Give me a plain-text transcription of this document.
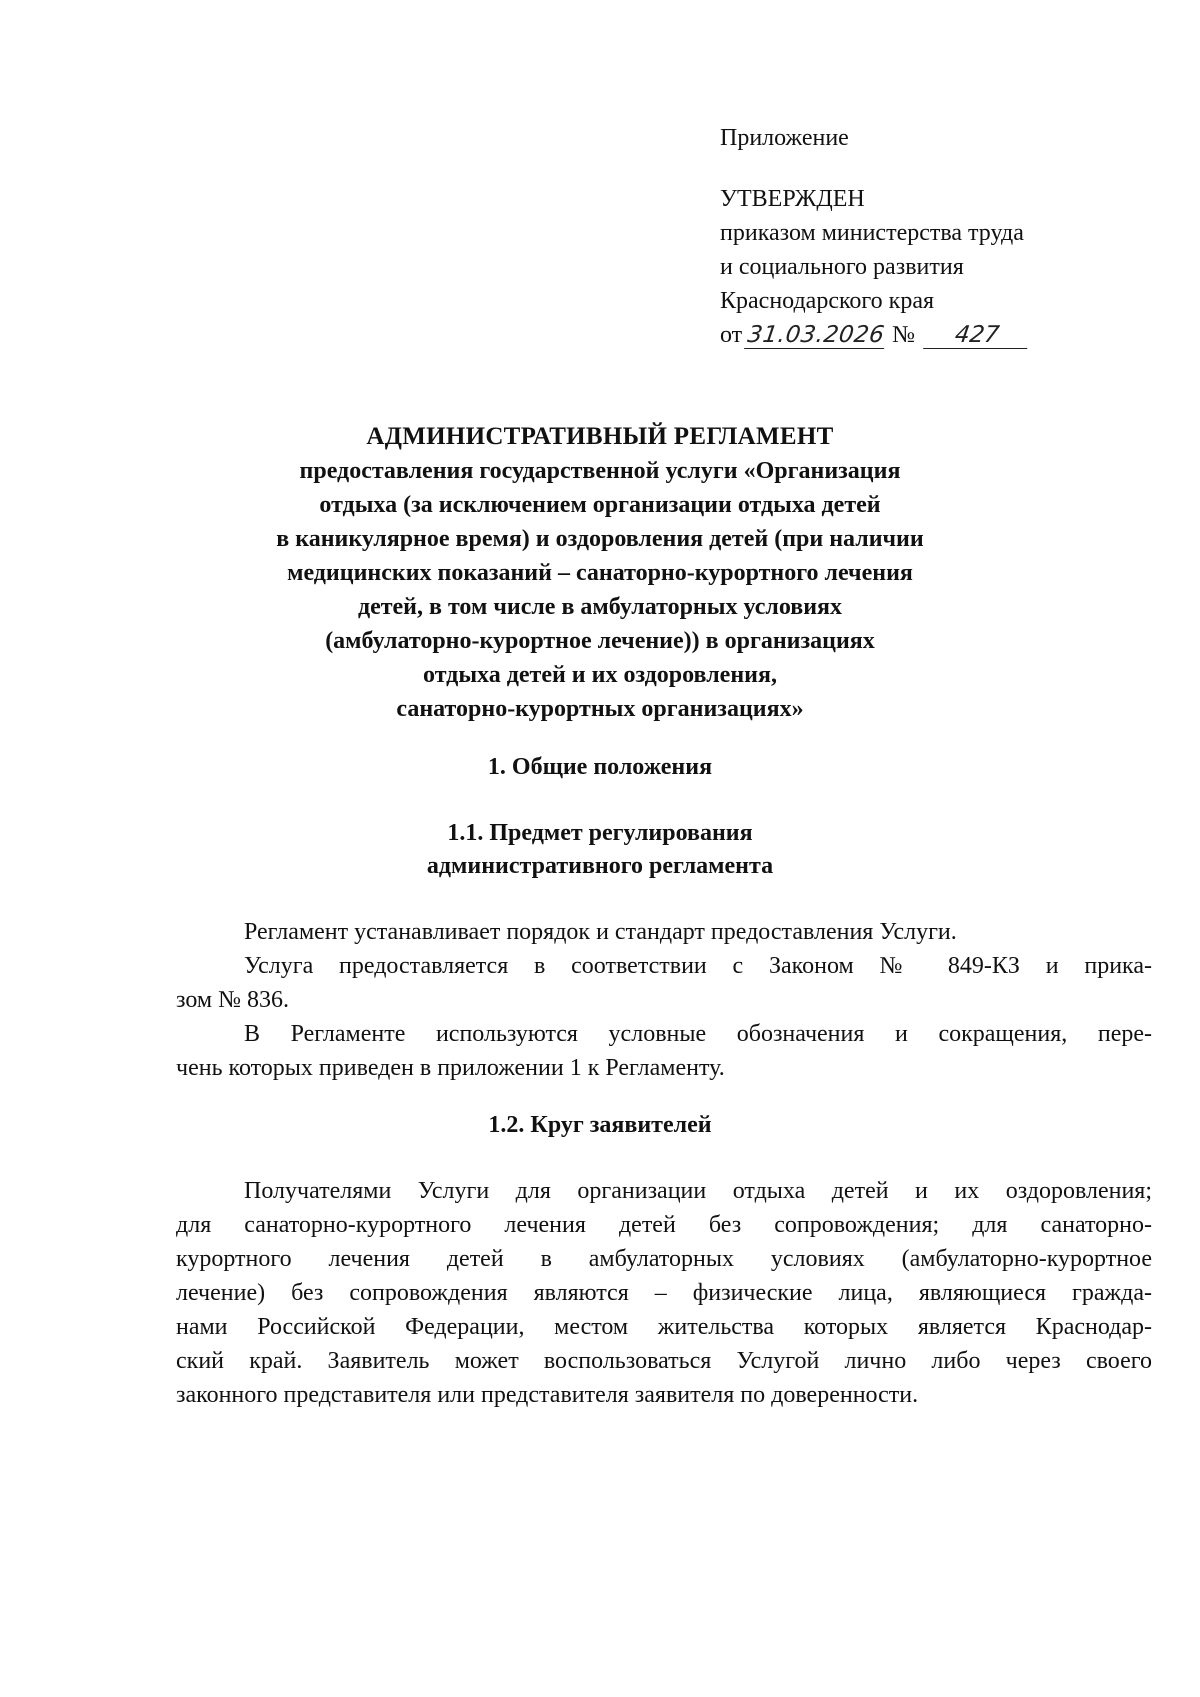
Приложение
УТВЕРЖДЕН
приказом министерства труда
и социального развития
Краснодарского края
от 31.03.2026 № 427
АДМИНИСТРАТИВНЫЙ РЕГЛАМЕНТ
предоставления государственной услуги «Организация
отдыха (за исключением организации отдыха детей
в каникулярное время) и оздоровления детей (при наличии
медицинских показаний – санаторно-курортного лечения
детей, в том числе в амбулаторных условиях
(амбулаторно-курортное лечение)) в организациях
отдыха детей и их оздоровления,
санаторно-курортных организациях»
1. Общие положения
1.1. Предмет регулирования
административного регламента
Регламент устанавливает порядок и стандарт предоставления Услуги.
Услуга предоставляется в соответствии с Законом № 849-КЗ и прика-
зом № 836.
В Регламенте используются условные обозначения и сокращения, пере-
чень которых приведен в приложении 1 к Регламенту.
1.2. Круг заявителей
Получателями Услуги для организации отдыха детей и их оздоровления;
для санаторно-курортного лечения детей без сопровождения; для санаторно-
курортного лечения детей в амбулаторных условиях (амбулаторно-курортное
лечение) без сопровождения являются – физические лица, являющиеся гражда-
нами Российской Федерации, местом жительства которых является Краснодар-
ский край. Заявитель может воспользоваться Услугой лично либо через своего
законного представителя или представителя заявителя по доверенности.
